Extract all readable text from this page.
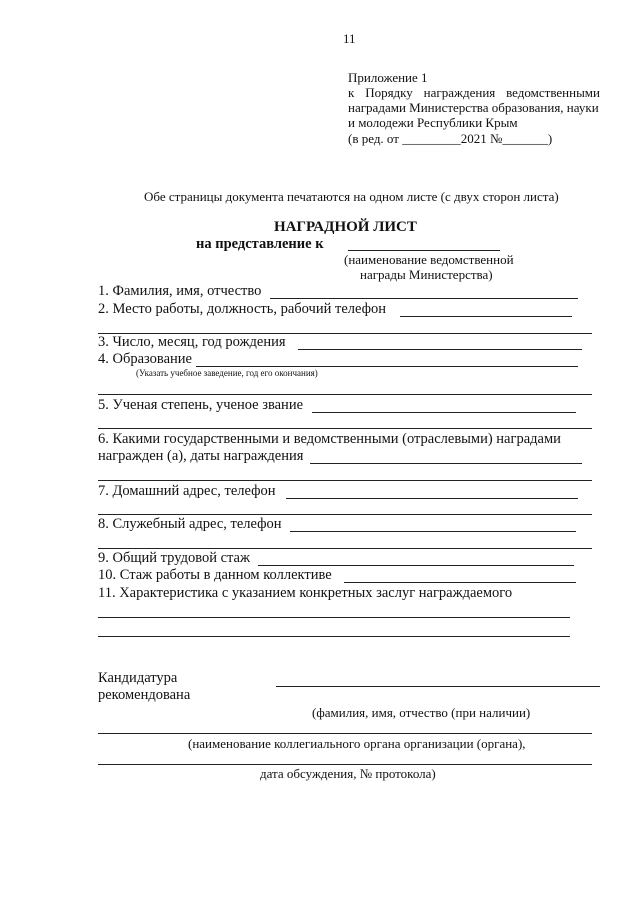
11
Приложение 1
к Порядку награждения ведомственными
наградами Министерства образования, науки
и молодежи Республики Крым
(в ред. от _________2021 №_______)
Обе страницы документа печатаются на одном листе (с двух сторон листа)
НАГРАДНОЙ ЛИСТ
на представление к
(наименование ведомственной
награды Министерства)
1. Фамилия, имя, отчество
2. Место работы, должность, рабочий телефон
3. Число, месяц, год рождения
4. Образование
(Указать учебное заведение, год его окончания)
5. Ученая степень, ученое звание
6. Какими государственными и ведомственными (отраслевыми) наградами
награжден (а), даты награждения
7. Домашний адрес, телефон
8. Служебный адрес, телефон
9. Общий трудовой стаж
10. Стаж работы в данном коллективе
11. Характеристика с указанием конкретных заслуг награждаемого
Кандидатура
рекомендована
(фамилия, имя, отчество (при наличии)
(наименование коллегиального органа организации (органа),
дата обсуждения, № протокола)
